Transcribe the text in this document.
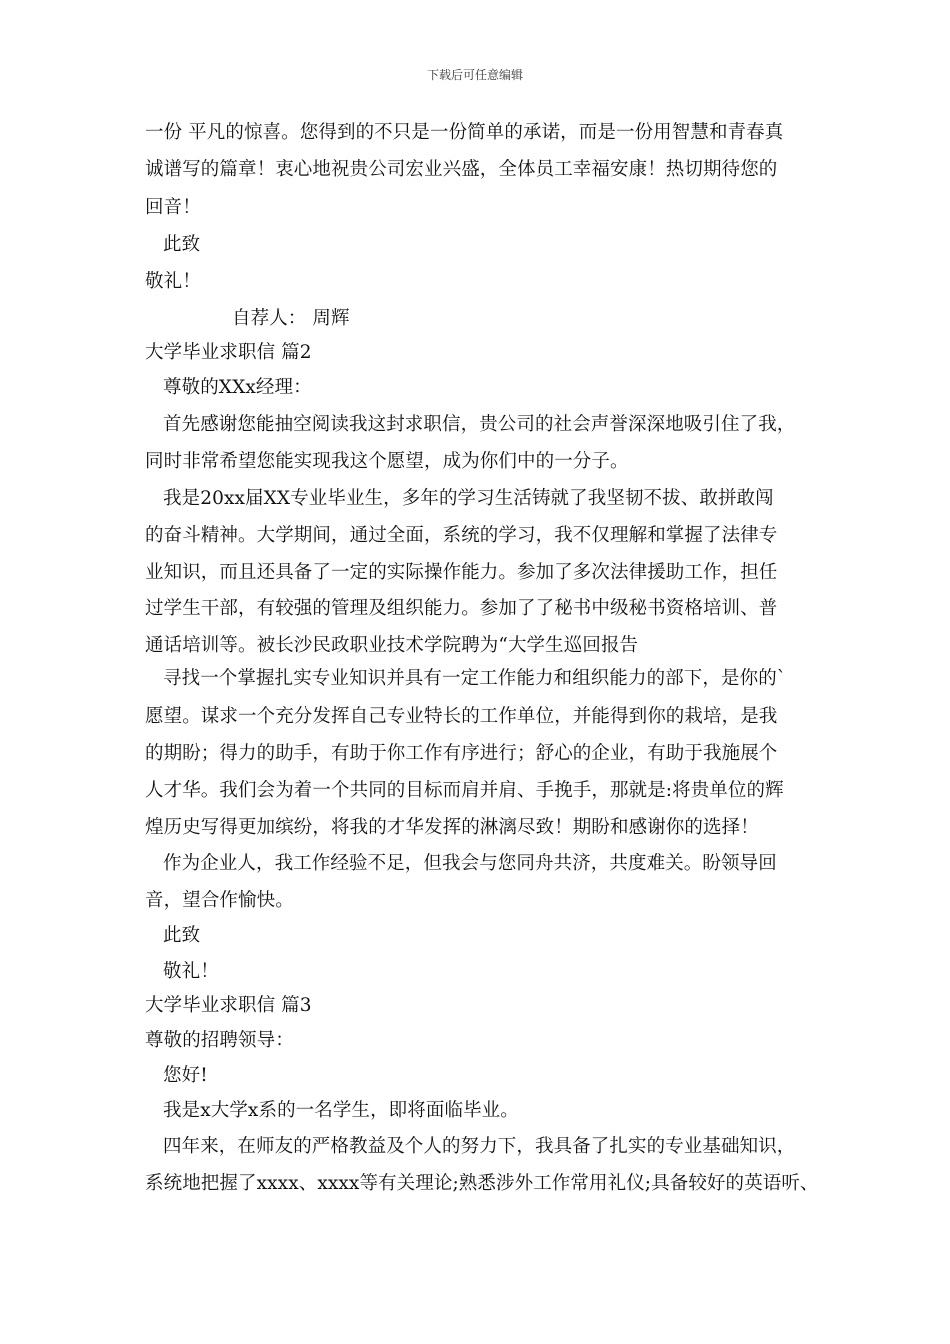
下载后可任意编辑
一份 平凡的惊喜。您得到的不只是一份简单的承诺，而是一份用智慧和青春真
诚谱写的篇章！衷心地祝贵公司宏业兴盛，全体员工幸福安康！热切期待您的
回音！
此致
敬礼！
自荐人： 周辉
大学毕业求职信 篇2
尊敬的XXx经理：
首先感谢您能抽空阅读我这封求职信，贵公司的社会声誉深深地吸引住了我，
同时非常希望您能实现我这个愿望，成为你们中的一分子。
我是20xx届XX专业毕业生，多年的学习生活铸就了我坚韧不拔、敢拼敢闯
的奋斗精神。大学期间，通过全面，系统的学习，我不仅理解和掌握了法律专
业知识，而且还具备了一定的实际操作能力。参加了多次法律援助工作，担任
过学生干部，有较强的管理及组织能力。参加了了秘书中级秘书资格培训、普
通话培训等。被长沙民政职业技术学院聘为“大学生巡回报告
寻找一个掌握扎实专业知识并具有一定工作能力和组织能力的部下，是你的`
愿望。谋求一个充分发挥自己专业特长的工作单位，并能得到你的栽培，是我
的期盼；得力的助手，有助于你工作有序进行；舒心的企业，有助于我施展个
人才华。我们会为着一个共同的目标而肩并肩、手挽手，那就是:将贵单位的辉
煌历史写得更加缤纷，将我的才华发挥的淋漓尽致！期盼和感谢你的选择！
作为企业人，我工作经验不足，但我会与您同舟共济，共度难关。盼领导回
音，望合作愉快。
此致
敬礼！
大学毕业求职信 篇3
尊敬的招聘领导：
您好!
我是x大学x系的一名学生，即将面临毕业。
四年来，在师友的严格教益及个人的努力下，我具备了扎实的专业基础知识，
系统地把握了xxxx、xxxx等有关理论;熟悉涉外工作常用礼仪;具备较好的英语听、
